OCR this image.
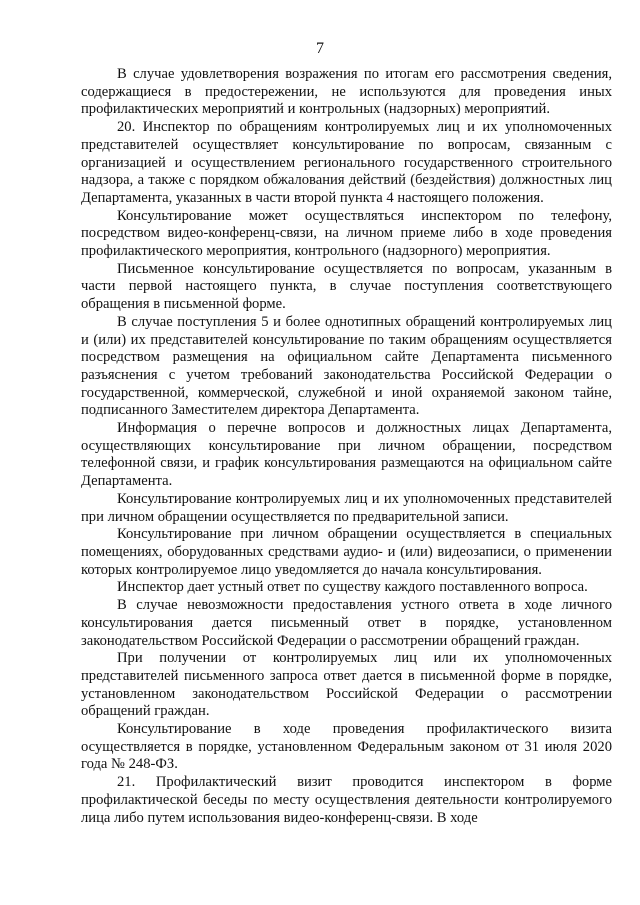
7

В случае удовлетворения возражения по итогам его рассмотрения сведения, содержащиеся в предостережении, не используются для проведения иных профилактических мероприятий и контрольных (надзорных) мероприятий.

20. Инспектор по обращениям контролируемых лиц и их уполномоченных представителей осуществляет консультирование по вопросам, связанным с организацией и осуществлением регионального государственного строительного надзора, а также с порядком обжалования действий (бездействия) должностных лиц Департамента, указанных в части второй пункта 4 настоящего положения.

Консультирование может осуществляться инспектором по телефону, посредством видео-конференц-связи, на личном приеме либо в ходе проведения профилактического мероприятия, контрольного (надзорного) мероприятия.

Письменное консультирование осуществляется по вопросам, указанным в части первой настоящего пункта, в случае поступления соответствующего обращения в письменной форме.

В случае поступления 5 и более однотипных обращений контролируемых лиц и (или) их представителей консультирование по таким обращениям осуществляется посредством размещения на официальном сайте Департамента письменного разъяснения с учетом требований законодательства Российской Федерации о государственной, коммерческой, служебной и иной охраняемой законом тайне, подписанного Заместителем директора Департамента.

Информация о перечне вопросов и должностных лицах Департамента, осуществляющих консультирование при личном обращении, посредством телефонной связи, и график консультирования размещаются на официальном сайте Департамента.

Консультирование контролируемых лиц и их уполномоченных представителей при личном обращении осуществляется по предварительной записи.

Консультирование при личном обращении осуществляется в специальных помещениях, оборудованных средствами аудио- и (или) видеозаписи, о применении которых контролируемое лицо уведомляется до начала консультирования.

Инспектор дает устный ответ по существу каждого поставленного вопроса.

В случае невозможности предоставления устного ответа в ходе личного консультирования дается письменный ответ в порядке, установленном законодательством Российской Федерации о рассмотрении обращений граждан.

При получении от контролируемых лиц или их уполномоченных представителей письменного запроса ответ дается в письменной форме в порядке, установленном законодательством Российской Федерации о рассмотрении обращений граждан.

Консультирование в ходе проведения профилактического визита осуществляется в порядке, установленном Федеральным законом от 31 июля 2020 года № 248-ФЗ.

21. Профилактический визит проводится инспектором в форме профилактической беседы по месту осуществления деятельности контролируемого лица либо путем использования видео-конференц-связи. В ходе
